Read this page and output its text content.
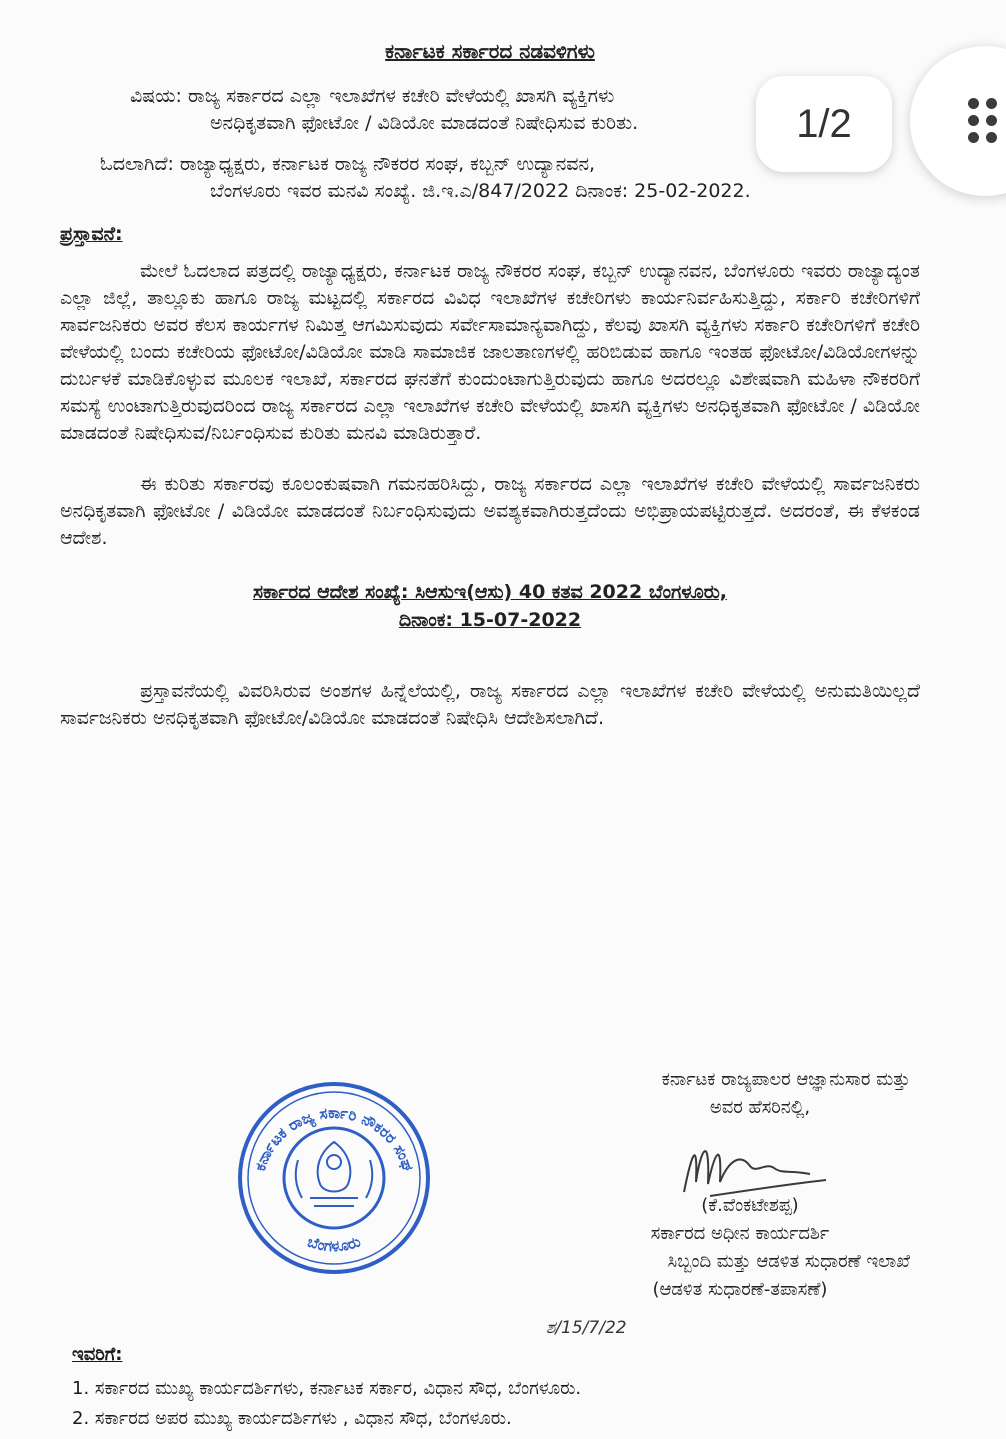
ಕರ್ನಾಟಕ ಸರ್ಕಾರದ ನಡವಳಿಗಳು
ವಿಷಯ: ರಾಜ್ಯ ಸರ್ಕಾರದ ಎಲ್ಲಾ ಇಲಾಖೆಗಳ ಕಚೇರಿ ವೇಳೆಯಲ್ಲಿ ಖಾಸಗಿ ವ್ಯಕ್ತಿಗಳು
ಅನಧಿಕೃತವಾಗಿ ಫೋಟೋ / ವಿಡಿಯೋ ಮಾಡದಂತೆ ನಿಷೇಧಿಸುವ ಕುರಿತು.
ಓದಲಾಗಿದೆ: ರಾಜ್ಯಾಧ್ಯಕ್ಷರು, ಕರ್ನಾಟಕ ರಾಜ್ಯ ನೌಕರರ ಸಂಘ, ಕಬ್ಬನ್ ಉದ್ಯಾನವನ,
ಬೆಂಗಳೂರು ಇವರ ಮನವಿ ಸಂಖ್ಯೆ. ಜಿ.ಇ.ಎ/847/2022 ದಿನಾಂಕ: 25-02-2022.
ಪ್ರಸ್ತಾವನೆ:

ಮೇಲೆ ಓದಲಾದ ಪತ್ರದಲ್ಲಿ ರಾಜ್ಯಾಧ್ಯಕ್ಷರು, ಕರ್ನಾಟಕ ರಾಜ್ಯ ನೌಕರರ ಸಂಘ, ಕಬ್ಬನ್ ಉದ್ಯಾನವನ, ಬೆಂಗಳೂರು ಇವರು ರಾಜ್ಯಾದ್ಯಂತ ಎಲ್ಲಾ ಜಿಲ್ಲೆ, ತಾಲ್ಲೂಕು ಹಾಗೂ ರಾಜ್ಯ ಮಟ್ಟದಲ್ಲಿ ಸರ್ಕಾರದ ವಿವಿಧ ಇಲಾಖೆಗಳ ಕಚೇರಿಗಳು ಕಾರ್ಯನಿರ್ವಹಿಸುತ್ತಿದ್ದು, ಸರ್ಕಾರಿ ಕಚೇರಿಗಳಿಗೆ ಸಾರ್ವಜನಿಕರು ಅವರ ಕೆಲಸ ಕಾರ್ಯಗಳ ನಿಮಿತ್ತ ಆಗಮಿಸುವುದು ಸರ್ವೇಸಾಮಾನ್ಯವಾಗಿದ್ದು, ಕೆಲವು ಖಾಸಗಿ ವ್ಯಕ್ತಿಗಳು ಸರ್ಕಾರಿ ಕಚೇರಿಗಳಿಗೆ ಕಚೇರಿ ವೇಳೆಯಲ್ಲಿ ಬಂದು ಕಚೇರಿಯ ಫೋಟೋ/ವಿಡಿಯೋ ಮಾಡಿ ಸಾಮಾಜಿಕ ಜಾಲತಾಣಗಳಲ್ಲಿ ಹರಿಬಿಡುವ ಹಾಗೂ ಇಂತಹ ಫೋಟೋ/ವಿಡಿಯೋಗಳನ್ನು ದುರ್ಬಳಕೆ ಮಾಡಿಕೊಳ್ಳುವ ಮೂಲಕ ಇಲಾಖೆ, ಸರ್ಕಾರದ ಘನತೆಗೆ ಕುಂದುಂಟಾಗುತ್ತಿರುವುದು ಹಾಗೂ ಅದರಲ್ಲೂ ವಿಶೇಷವಾಗಿ ಮಹಿಳಾ ನೌಕರರಿಗೆ ಸಮಸ್ಯೆ ಉಂಟಾಗುತ್ತಿರುವುದರಿಂದ ರಾಜ್ಯ ಸರ್ಕಾರದ ಎಲ್ಲಾ ಇಲಾಖೆಗಳ ಕಚೇರಿ ವೇಳೆಯಲ್ಲಿ ಖಾಸಗಿ ವ್ಯಕ್ತಿಗಳು ಅನಧಿಕೃತವಾಗಿ ಫೋಟೋ / ವಿಡಿಯೋ ಮಾಡದಂತೆ ನಿಷೇಧಿಸುವ/ನಿರ್ಬಂಧಿಸುವ ಕುರಿತು ಮನವಿ ಮಾಡಿರುತ್ತಾರೆ.

ಈ ಕುರಿತು ಸರ್ಕಾರವು ಕೂಲಂಕುಷವಾಗಿ ಗಮನಹರಿಸಿದ್ದು, ರಾಜ್ಯ ಸರ್ಕಾರದ ಎಲ್ಲಾ ಇಲಾಖೆಗಳ ಕಚೇರಿ ವೇಳೆಯಲ್ಲಿ ಸಾರ್ವಜನಿಕರು ಅನಧಿಕೃತವಾಗಿ ಫೋಟೋ / ವಿಡಿಯೋ ಮಾಡದಂತೆ ನಿರ್ಬಂಧಿಸುವುದು ಅವಶ್ಯಕವಾಗಿರುತ್ತದೆಂದು ಅಭಿಪ್ರಾಯಪಟ್ಟಿರುತ್ತದೆ. ಅದರಂತೆ, ಈ ಕೆಳಕಂಡ ಆದೇಶ.

ಸರ್ಕಾರದ ಆದೇಶ ಸಂಖ್ಯೆ: ಸಿಆಸುಇ(ಆಸು) 40 ಕತವ 2022 ಬೆಂಗಳೂರು,
ದಿನಾಂಕ: 15-07-2022

ಪ್ರಸ್ತಾವನೆಯಲ್ಲಿ ವಿವರಿಸಿರುವ ಅಂಶಗಳ ಹಿನ್ನೆಲೆಯಲ್ಲಿ, ರಾಜ್ಯ ಸರ್ಕಾರದ ಎಲ್ಲಾ ಇಲಾಖೆಗಳ ಕಚೇರಿ ವೇಳೆಯಲ್ಲಿ ಅನುಮತಿಯಿಲ್ಲದೆ ಸಾರ್ವಜನಿಕರು ಅನಧಿಕೃತವಾಗಿ ಫೋಟೋ/ವಿಡಿಯೋ ಮಾಡದಂತೆ ನಿಷೇಧಿಸಿ ಆದೇಶಿಸಲಾಗಿದೆ.

ಕರ್ನಾಟಕ ರಾಜ್ಯ ಸರ್ಕಾರಿ ನೌಕರರ ಸಂಘ
ಬೆಂಗಳೂರು
ಕರ್ನಾಟಕ ರಾಜ್ಯಪಾಲರ ಆಜ್ಞಾನುಸಾರ ಮತ್ತು
ಅವರ ಹೆಸರಿನಲ್ಲಿ,
(ಕೆ.ವೆಂಕಟೇಶಪ್ಪ)
ಸರ್ಕಾರದ ಅಧೀನ ಕಾರ್ಯದರ್ಶಿ
ಸಿಬ್ಬಂದಿ ಮತ್ತು ಆಡಳಿತ ಸುಧಾರಣೆ ಇಲಾಖೆ
(ಆಡಳಿತ ಸುಧಾರಣೆ-ತಪಾಸಣೆ)
ಶ/15/7/22
ಇವರಿಗೆ:
1. ಸರ್ಕಾರದ ಮುಖ್ಯ ಕಾರ್ಯದರ್ಶಿಗಳು, ಕರ್ನಾಟಕ ಸರ್ಕಾರ, ವಿಧಾನ ಸೌಧ, ಬೆಂಗಳೂರು.
2. ಸರ್ಕಾರದ ಅಪರ ಮುಖ್ಯ ಕಾರ್ಯದರ್ಶಿಗಳು , ವಿಧಾನ ಸೌಧ, ಬೆಂಗಳೂರು.
1/2
